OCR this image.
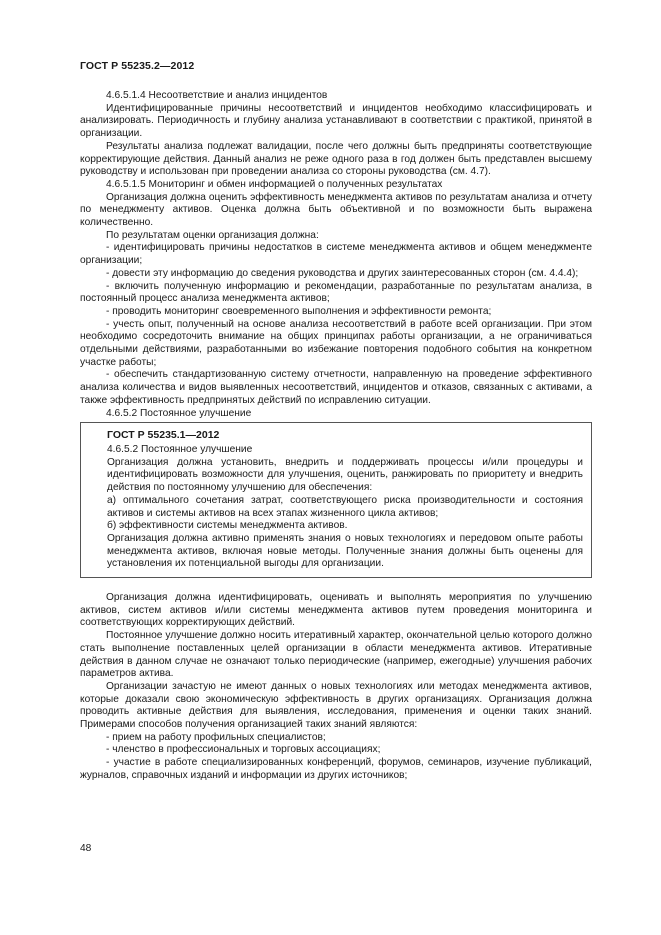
ГОСТ Р 55235.2—2012

4.6.5.1.4 Несоответствие и анализ инцидентов

Идентифицированные причины несоответствий и инцидентов необходимо классифицировать и анализировать. Периодичность и глубину анализа устанавливают в соответствии с практикой, принятой в организации.

Результаты анализа подлежат валидации, после чего должны быть предприняты соответствующие корректирующие действия. Данный анализ не реже одного раза в год должен быть представлен высшему руководству и использован при проведении анализа со стороны руководства (см. 4.7).

4.6.5.1.5 Мониторинг и обмен информацией о полученных результатах

Организация должна оценить эффективность менеджмента активов по результатам анализа и отчету по менеджменту активов. Оценка должна быть объективной и по возможности быть выражена количественно.

По результатам оценки организация должна:

- идентифицировать причины недостатков в системе менеджмента активов и общем менеджменте организации;

- довести эту информацию до сведения руководства и других заинтересованных сторон (см. 4.4.4);

- включить полученную информацию и рекомендации, разработанные по результатам анализа, в постоянный процесс анализа менеджмента активов;

- проводить мониторинг своевременного выполнения и эффективности ремонта;

- учесть опыт, полученный на основе анализа несоответствий в работе всей организации. При этом необходимо сосредоточить внимание на общих принципах работы организации, а не ограничиваться отдельными действиями, разработанными во избежание повторения подобного события на конкретном участке работы;

- обеспечить стандартизованную систему отчетности, направленную на проведение эффективного анализа количества и видов выявленных несоответствий, инцидентов и отказов, связанных с активами, а также эффективность предпринятых действий по исправлению ситуации.

4.6.5.2 Постоянное улучшение

ГОСТ Р 55235.1—2012

4.6.5.2 Постоянное улучшение

Организация должна установить, внедрить и поддерживать процессы и/или процедуры и идентифицировать возможности для улучшения, оценить, ранжировать по приоритету и внедрить действия по постоянному улучшению для обеспечения:

а) оптимального сочетания затрат, соответствующего риска производительности и состояния активов и системы активов на всех этапах жизненного цикла активов;

б) эффективности системы менеджмента активов.

Организация должна активно применять знания о новых технологиях и передовом опыте работы менеджмента активов, включая новые методы. Полученные знания должны быть оценены для установления их потенциальной выгоды для организации.

Организация должна идентифицировать, оценивать и выполнять мероприятия по улучшению активов, систем активов и/или системы менеджмента активов путем проведения мониторинга и соответствующих корректирующих действий.

Постоянное улучшение должно носить итеративный характер, окончательной целью которого должно стать выполнение поставленных целей организации в области менеджмента активов. Итеративные действия в данном случае не означают только периодические (например, ежегодные) улучшения рабочих параметров актива.

Организации зачастую не имеют данных о новых технологиях или методах менеджмента активов, которые доказали свою экономическую эффективность в других организациях. Организация должна проводить активные действия для выявления, исследования, применения и оценки таких знаний. Примерами способов получения организацией таких знаний являются:

- прием на работу профильных специалистов;

- членство в профессиональных и торговых ассоциациях;

- участие в работе специализированных конференций, форумов, семинаров, изучение публикаций, журналов, справочных изданий и информации из других источников;

48
